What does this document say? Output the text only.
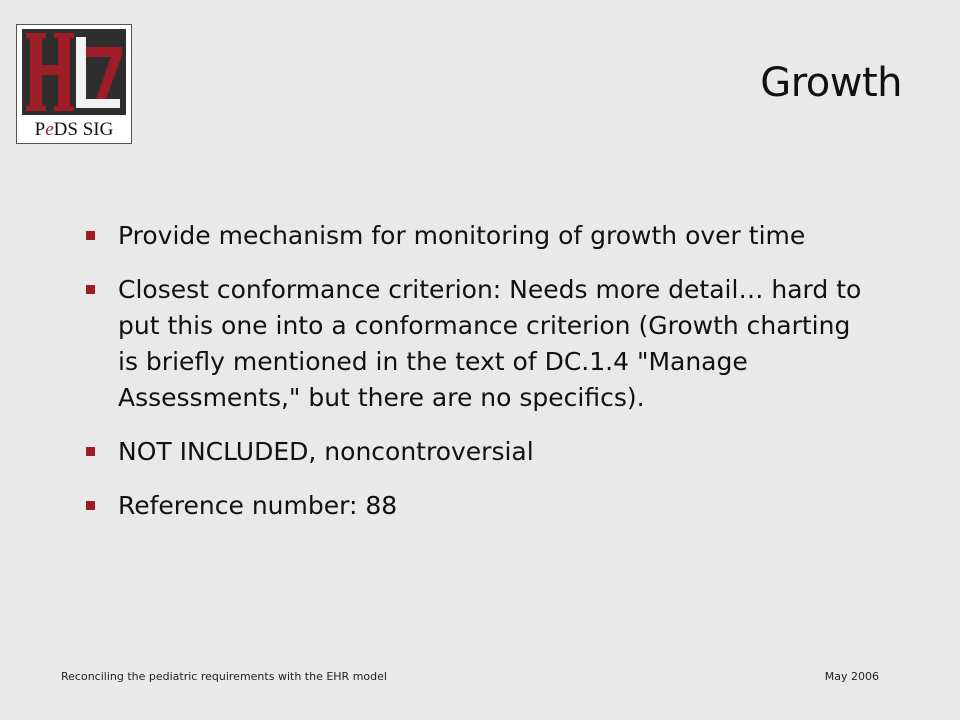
PeDS SIG
Growth
Provide mechanism for monitoring of growth over time
Closest conformance criterion: Needs more detail… hard to put this one into a conformance criterion (Growth charting is briefly mentioned in the text of DC.1.4 "Manage Assessments," but there are no specifics).
NOT INCLUDED, noncontroversial
Reference number: 88
Reconciling the pediatric requirements with the EHR model	May 2006
